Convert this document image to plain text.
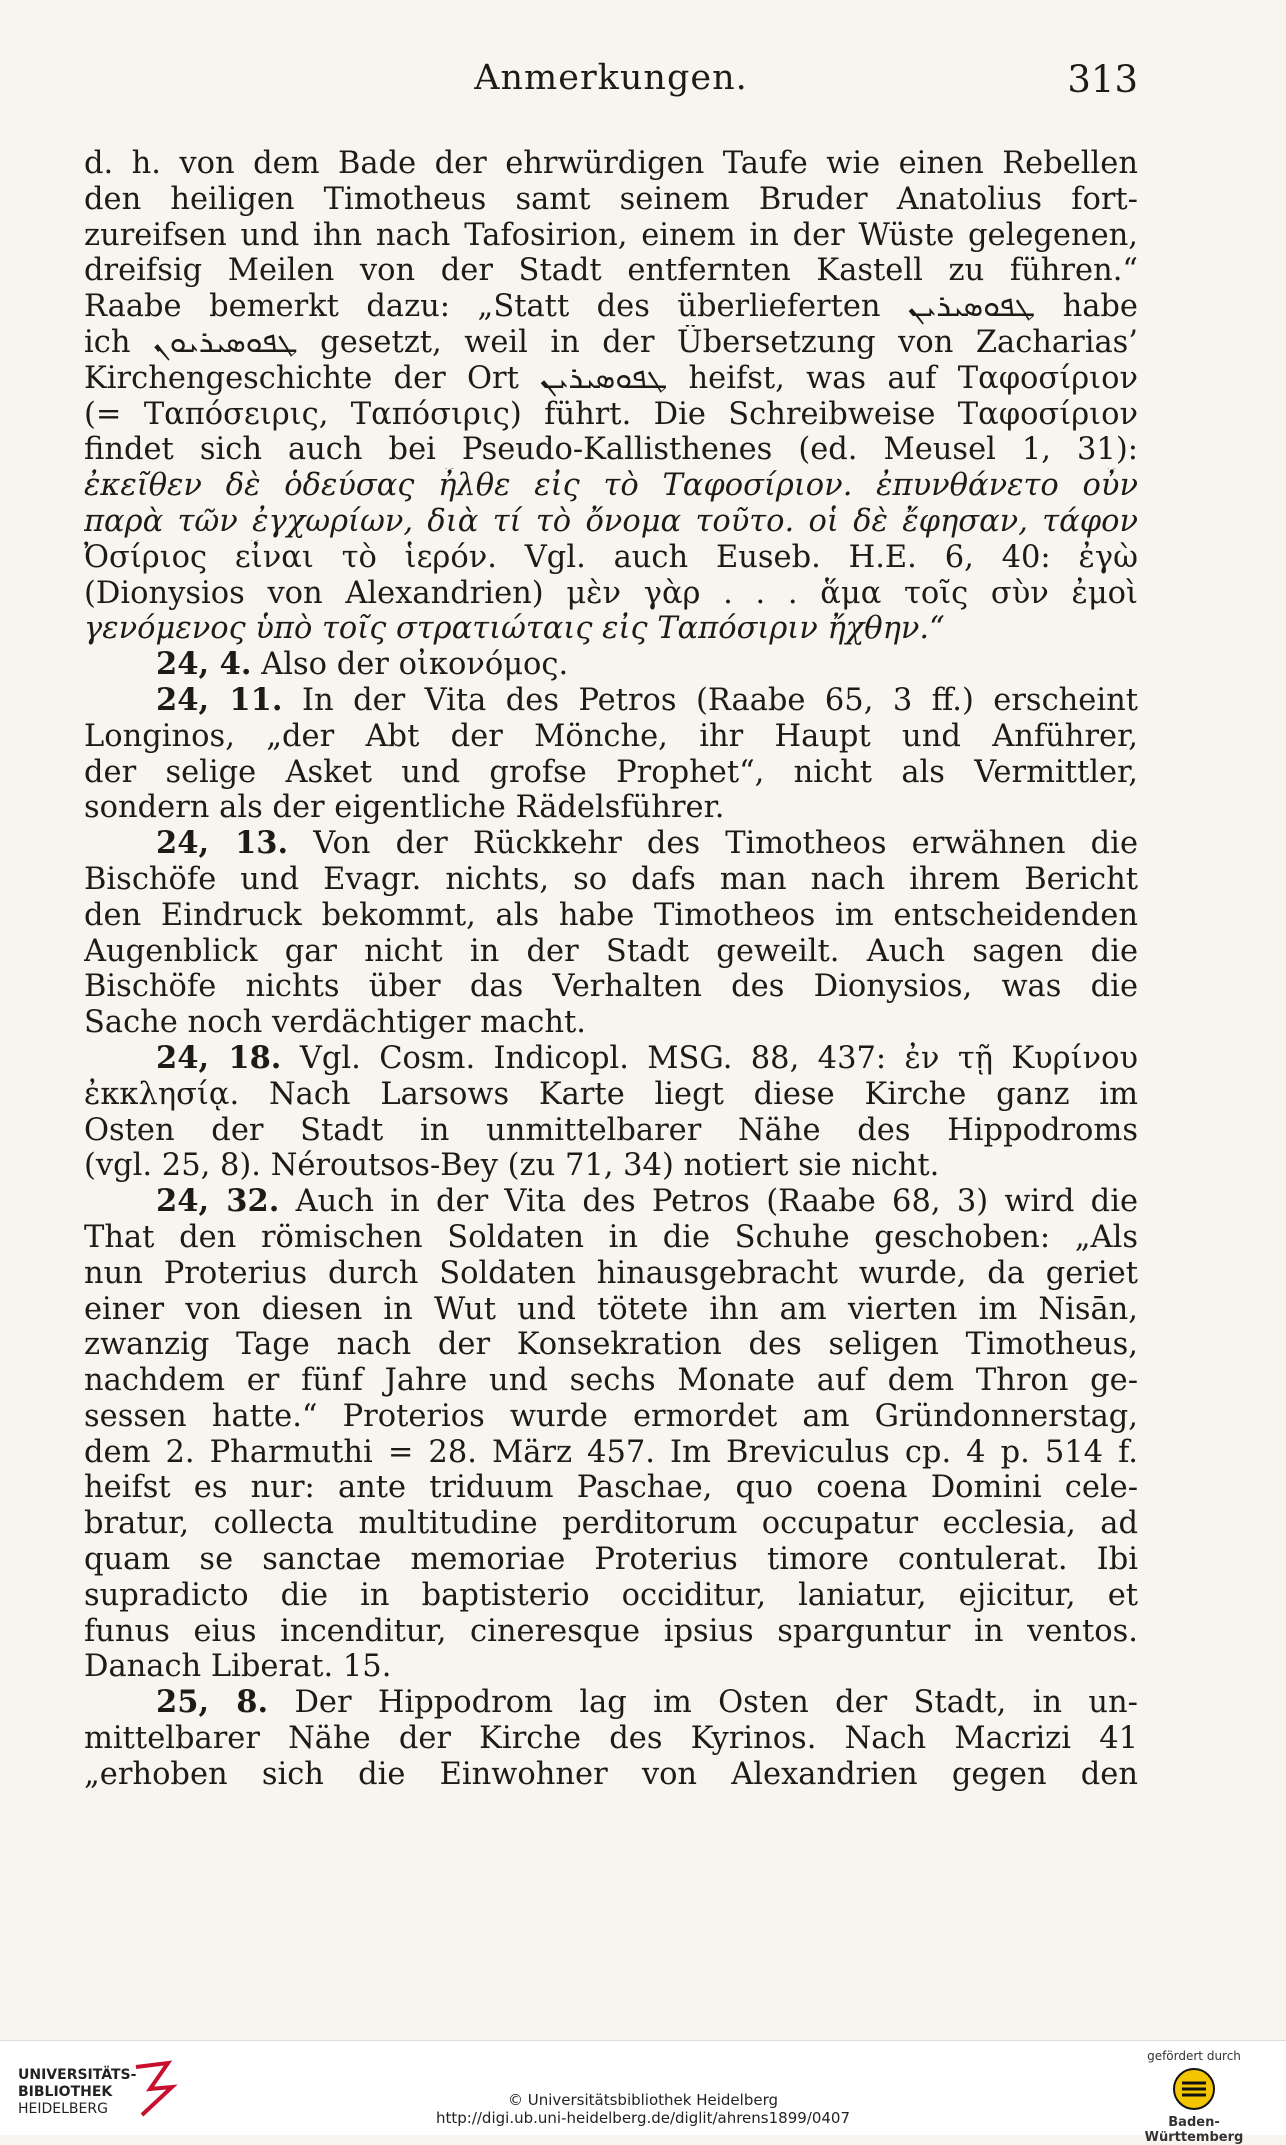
Anmerkungen.	313
d. h. von dem Bade der ehrwürdigen Taufe wie einen Rebellen
den heiligen Timotheus samt seinem Bruder Anatolius fort-
zureifsen und ihn nach Tafosirion, einem in der Wüste gelegenen,
dreifsig Meilen von der Stadt entfernten Kastell zu führen.“
Raabe bemerkt dazu: „Statt des überlieferten ܛܦܘܣܝܪܝܢ habe
ich ܛܦܘܣܝܪܝܘܢ gesetzt, weil in der Übersetzung von Zacharias’
Kirchengeschichte der Ort ܛܦܘܣܝܪܝܢ heifst, was auf Ταφοσίριον
(= Ταπόσειρις, Ταπόσιρις) führt. Die Schreibweise Ταφοσίριον
findet sich auch bei Pseudo-Kallisthenes (ed. Meusel 1, 31):
ἐκεῖθεν δὲ ὁδεύσας ἦλθε εἰς τὸ Ταφοσίριον. ἐπυνθάνετο οὖν
παρὰ τῶν ἐγχωρίων, διὰ τί τὸ ὄνομα τοῦτο. οἱ δὲ ἔφησαν, τάφον
Ὀσίριος εἶναι τὸ ἱερόν. Vgl. auch Euseb. H.E. 6, 40: ἐγὼ
(Dionysios von Alexandrien) μὲν γὰρ . . . ἅμα τοῖς σὺν ἐμοὶ
γενόμενος ὑπὸ τοῖς στρατιώταις εἰς Ταπόσιριν ἤχθην.“
24, 4. Also der οἰκονόμος.
24, 11. In der Vita des Petros (Raabe 65, 3 ff.) erscheint
Longinos, „der Abt der Mönche, ihr Haupt und Anführer,
der selige Asket und grofse Prophet“, nicht als Vermittler,
sondern als der eigentliche Rädelsführer.
24, 13. Von der Rückkehr des Timotheos erwähnen die
Bischöfe und Evagr. nichts, so dafs man nach ihrem Bericht
den Eindruck bekommt, als habe Timotheos im entscheidenden
Augenblick gar nicht in der Stadt geweilt. Auch sagen die
Bischöfe nichts über das Verhalten des Dionysios, was die
Sache noch verdächtiger macht.
24, 18. Vgl. Cosm. Indicopl. MSG. 88, 437: ἐν τῇ Κυρίνου
ἐκκλησίᾳ. Nach Larsows Karte liegt diese Kirche ganz im
Osten der Stadt in unmittelbarer Nähe des Hippodroms
(vgl. 25, 8). Néroutsos-Bey (zu 71, 34) notiert sie nicht.
24, 32. Auch in der Vita des Petros (Raabe 68, 3) wird die
That den römischen Soldaten in die Schuhe geschoben: „Als
nun Proterius durch Soldaten hinausgebracht wurde, da geriet
einer von diesen in Wut und tötete ihn am vierten im Nisān,
zwanzig Tage nach der Konsekration des seligen Timotheus,
nachdem er fünf Jahre und sechs Monate auf dem Thron ge-
sessen hatte.“ Proterios wurde ermordet am Gründonnerstag,
dem 2. Pharmuthi = 28. März 457. Im Breviculus cp. 4 p. 514 f.
heifst es nur: ante triduum Paschae, quo coena Domini cele-
bratur, collecta multitudine perditorum occupatur ecclesia, ad
quam se sanctae memoriae Proterius timore contulerat. Ibi
supradicto die in baptisterio occiditur, laniatur, ejicitur, et
funus eius incenditur, cineresque ipsius sparguntur in ventos.
Danach Liberat. 15.
25, 8. Der Hippodrom lag im Osten der Stadt, in un-
mittelbarer Nähe der Kirche des Kyrinos. Nach Macrizi 41
„erhoben sich die Einwohner von Alexandrien gegen den
UNIVERSITÄTS-
BIBLIOTHEK
HEIDELBERG	© Universitätsbibliothek Heidelberg
http://digi.ub.uni-heidelberg.de/diglit/ahrens1899/0407
gefördert durch
Baden-Württemberg
